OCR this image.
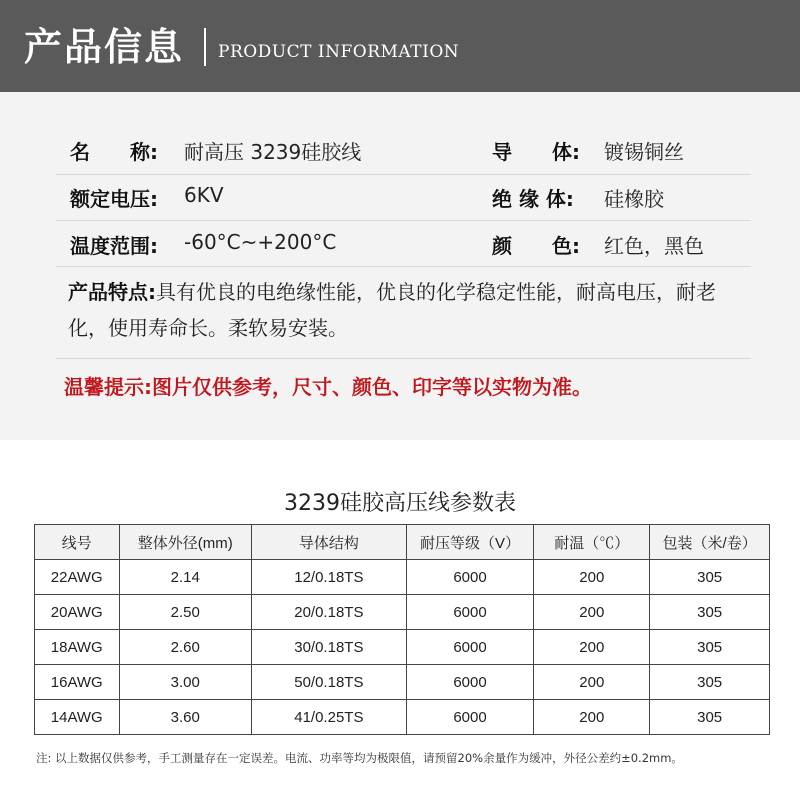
产品信息 PRODUCT INFORMATION
名　　称: 耐高压 3239硅胶线	导　　体: 镀锡铜丝
额定电压: 6KV	绝 缘 体: 硅橡胶
温度范围: -60°C~+200°C	颜　　色: 红色，黑色
产品特点:具有优良的电绝缘性能，优良的化学稳定性能，耐高电压，耐老化，使用寿命长。柔软易安装。
温馨提示:图片仅供参考，尺寸、颜色、印字等以实物为准。
3239硅胶高压线参数表
线号	整体外径(mm)	导体结构	耐压等级（V）	耐温（℃）	包装（米/卷）
22AWG	2.14	12/0.18TS	6000	200	305
20AWG	2.50	20/0.18TS	6000	200	305
18AWG	2.60	30/0.18TS	6000	200	305
16AWG	3.00	50/0.18TS	6000	200	305
14AWG	3.60	41/0.25TS	6000	200	305
注: 以上数据仅供参考，手工测量存在一定误差。电流、功率等均为极限值，请预留20%余量作为缓冲，外径公差约±0.2mm。
